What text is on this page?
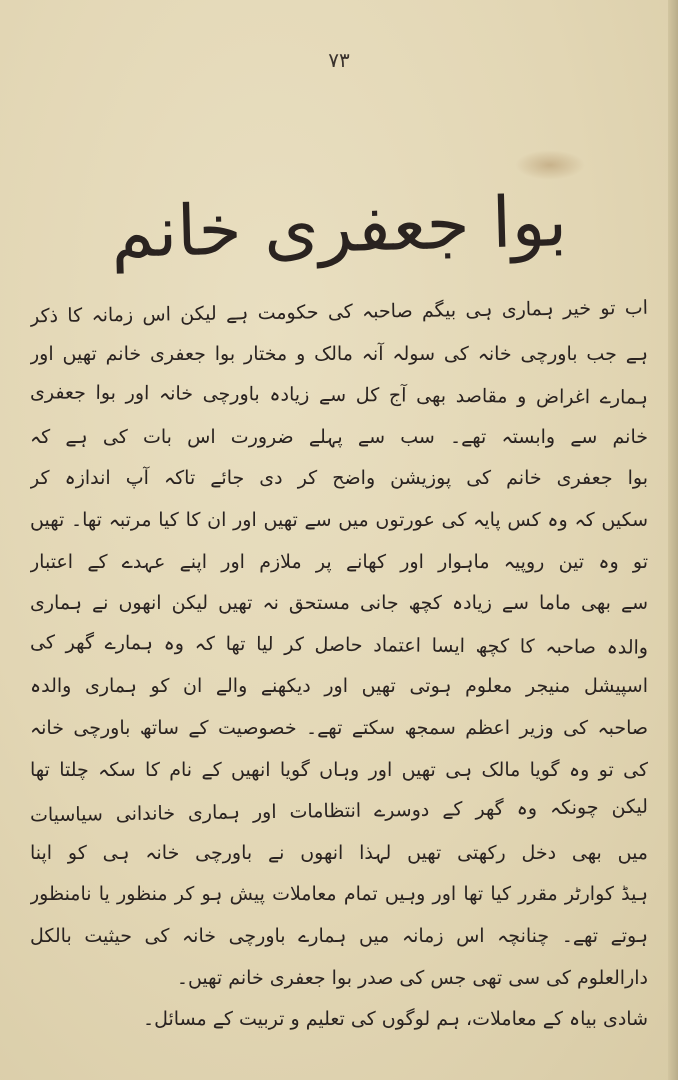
۷۳
بوا جعفری خانم
اب تو خیر ہماری ہی بیگم صاحبہ کی حکومت ہے لیکن اس زمانہ کا ذکر
ہے جب باورچی خانہ کی سولہ آنہ مالک و مختار بوا جعفری خانم تھیں اور
ہمارے اغراض و مقاصد بھی آج کل سے زیادہ باورچی خانہ اور بوا جعفری
خانم سے وابستہ تھے۔ سب سے پہلے ضرورت اس بات کی ہے کہ
بوا جعفری خانم کی پوزیشن واضح کر دی جائے تاکہ آپ اندازہ کر
سکیں کہ وہ کس پایہ کی عورتوں میں سے تھیں اور ان کا کیا مرتبہ تھا۔ تھیں
تو وہ تین روپیہ ماہوار اور کھانے پر ملازم اور اپنے عہدے کے اعتبار
سے بھی ماما سے زیادہ کچھ جانی مستحق نہ تھیں لیکن انھوں نے ہماری
والدہ صاحبہ کا کچھ ایسا اعتماد حاصل کر لیا تھا کہ وہ ہمارے گھر کی
اسپیشل منیجر معلوم ہوتی تھیں اور دیکھنے والے ان کو ہماری والدہ
صاحبہ کی وزیر اعظم سمجھ سکتے تھے۔ خصوصیت کے ساتھ باورچی خانہ
کی تو وہ گویا مالک ہی تھیں اور وہاں گویا انھیں کے نام کا سکہ چلتا تھا
لیکن چونکہ وہ گھر کے دوسرے انتظامات اور ہماری خاندانی سیاسیات
میں بھی دخل رکھتی تھیں لہذا انھوں نے باورچی خانہ ہی کو اپنا
ہیڈ کوارٹر مقرر کیا تھا اور وہیں تمام معاملات پیش ہو کر منظور یا نامنظور
ہوتے تھے۔ چنانچہ اس زمانہ میں ہمارے باورچی خانہ کی حیثیت بالکل
دارالعلوم کی سی تھی جس کی صدر بوا جعفری خانم تھیں۔
شادی بیاہ کے معاملات، ہم لوگوں کی تعلیم و تربیت کے مسائل۔
